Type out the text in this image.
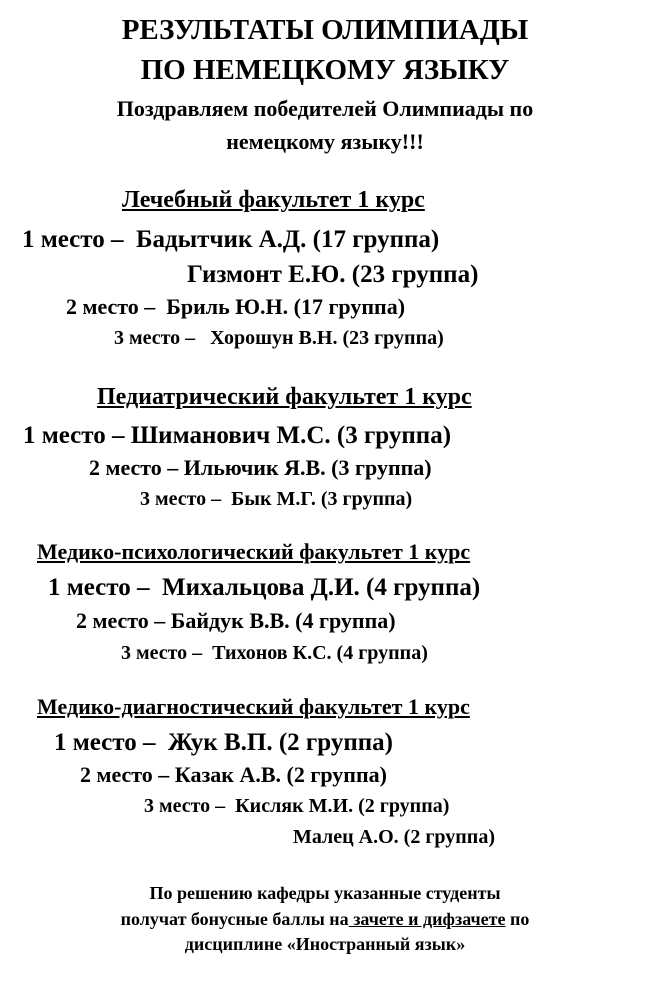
РЕЗУЛЬТАТЫ ОЛИМПИАДЫ
ПО НЕМЕЦКОМУ ЯЗЫКУ
Поздравляем победителей Олимпиады по
немецкому языку!!!
Лечебный факультет 1 курс
1 место –  Бадытчик А.Д. (17 группа)
Гизмонт Е.Ю. (23 группа)
2 место –  Бриль Ю.Н. (17 группа)
3 место –   Хорошун В.Н. (23 группа)
Педиатрический факультет 1 курс
1 место – Шиманович М.С. (3 группа)
2 место – Ильючик Я.В. (3 группа)
3 место –  Бык М.Г. (3 группа)
Медико-психологический факультет 1 курс
1 место –  Михальцова Д.И. (4 группа)
2 место – Байдук В.В. (4 группа)
3 место –  Тихонов К.С. (4 группа)
Медико-диагностический факультет 1 курс
1 место –  Жук В.П. (2 группа)
2 место – Казак А.В. (2 группа)
3 место –  Кисляк М.И. (2 группа)
Малец А.О. (2 группа)
По решению кафедры указанные студенты
получат бонусные баллы на зачете и дифзачете по
дисциплине «Иностранный язык»
